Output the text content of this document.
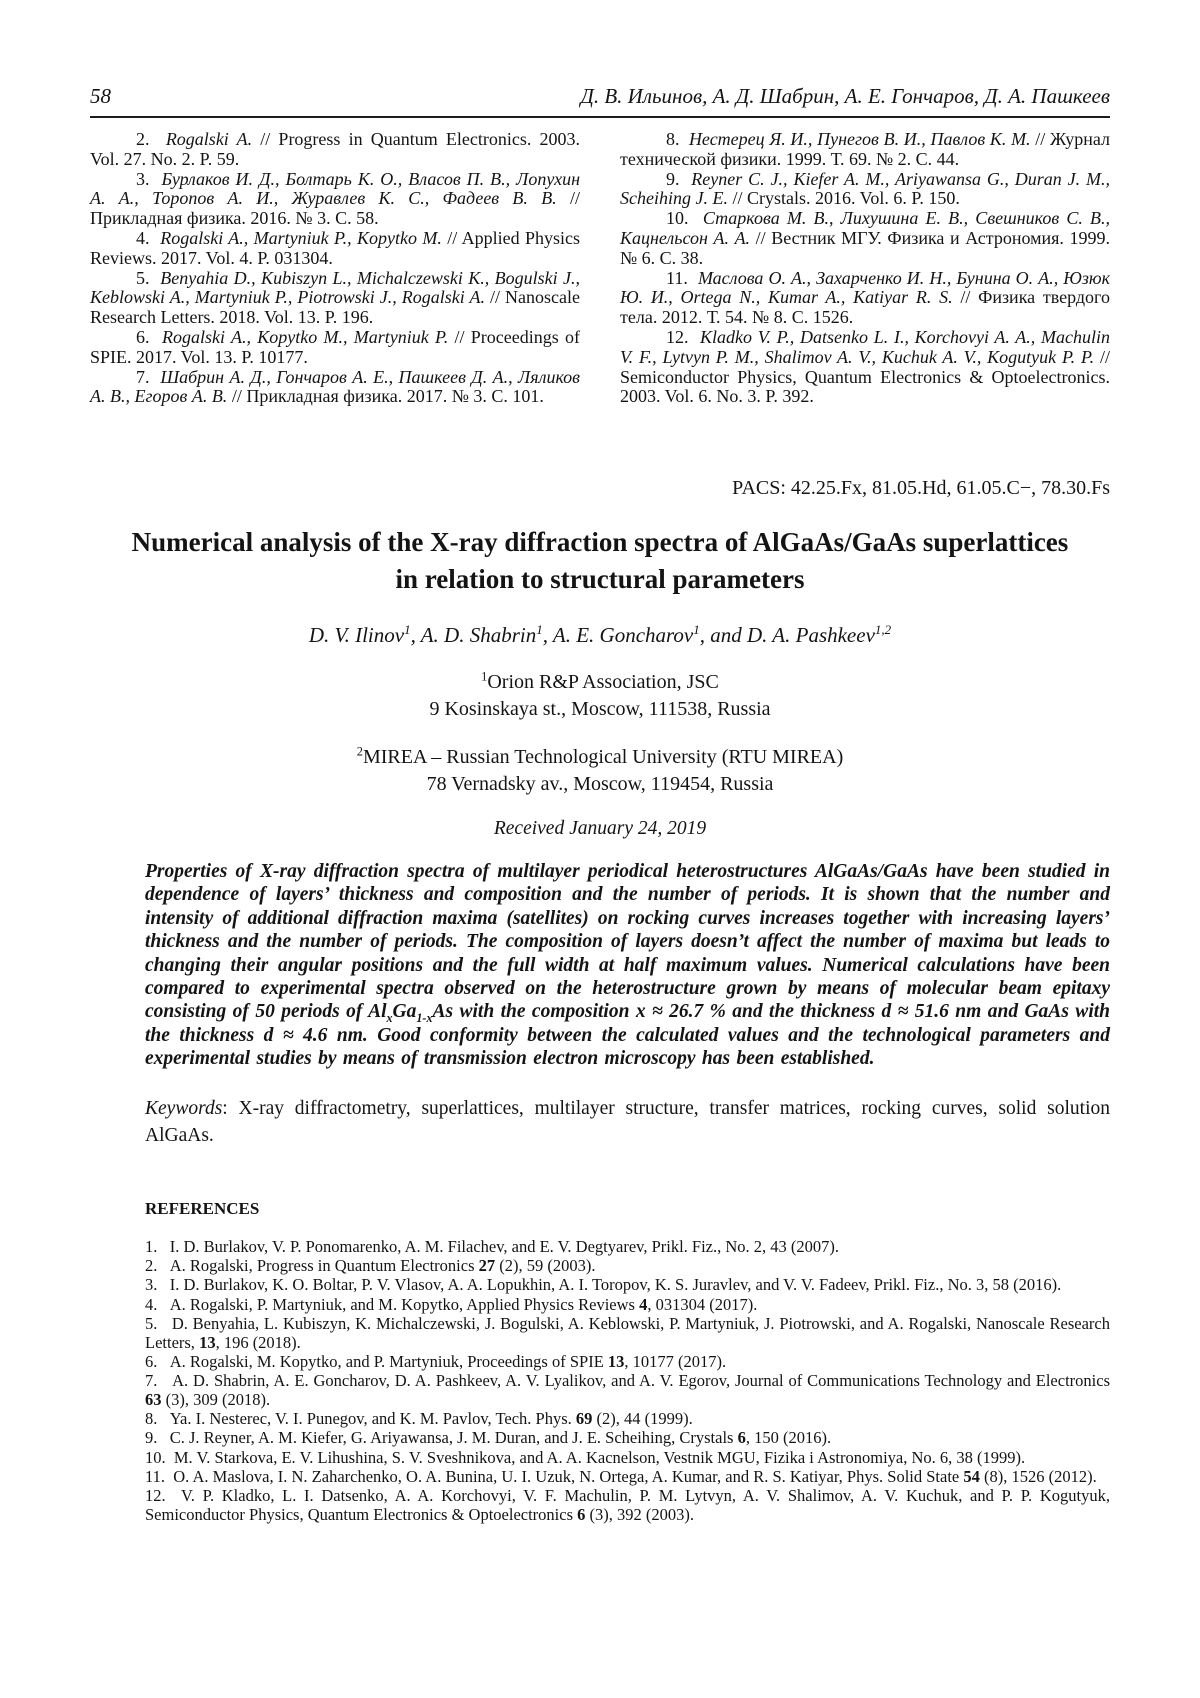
58	Д. В. Ильинов, А. Д. Шабрин, А. Е. Гончаров, Д. А. Пашкеев

2.  Rogalski A. // Progress in Quantum Electronics. 2003. Vol. 27. No. 2. P. 59.

3.  Бурлаков И. Д., Болтарь К. О., Власов П. В., Лопухин А. А., Торопов А. И., Журавлев К. С., Фадеев В. В. // Прикладная физика. 2016. № 3. С. 58.

4.  Rogalski A., Martyniuk P., Kopytko M. // Applied Physics Reviews. 2017. Vol. 4. P. 031304.

5.  Benyahia D., Kubiszyn L., Michalczewski K., Bogulski J., Keblowski A., Martyniuk P., Piotrowski J., Rogalski A. // Nanoscale Research Letters. 2018. Vol. 13. P. 196.

6.  Rogalski A., Kopytko M., Martyniuk P. // Proceedings of SPIE. 2017. Vol. 13. P. 10177.

7.  Шабрин А. Д., Гончаров А. Е., Пашкеев Д. А., Ляликов А. В., Егоров А. В. // Прикладная физика. 2017. № 3. С. 101.

8.  Нестерец Я. И., Пунегов В. И., Павлов К. М. // Журнал технической физики. 1999. Т. 69. № 2. С. 44.

9.  Reyner C. J., Kiefer A. M., Ariyawansa G., Duran J. M., Scheihing J. E. // Crystals. 2016. Vol. 6. P. 150.

10.  Старкова М. В., Лихушина Е. В., Свешников С. В., Кацнельсон А. А. // Вестник МГУ. Физика и Астрономия. 1999. № 6. С. 38.

11.  Маслова О. А., Захарченко И. Н., Бунина О. А., Юзюк Ю. И., Ortega N., Kumar A., Katiyar R. S. // Физика твердого тела. 2012. Т. 54. № 8. С. 1526.

12.  Kladko V. P., Datsenko L. I., Korchovyi A. A., Machulin V. F., Lytvyn P. M., Shalimov A. V., Kuchuk A. V., Kogutyuk P. P. // Semiconductor Physics, Quantum Electronics & Optoelectronics. 2003. Vol. 6. No. 3. P. 392.

PACS: 42.25.Fx, 81.05.Hd, 61.05.C−, 78.30.Fs
Numerical analysis of the X-ray diffraction spectra of AlGaAs/GaAs superlattices
in relation to structural parameters
D. V. Ilinov$^1$, A. D. Shabrin$^1$, A. E. Goncharov$^1$, and D. A. Pashkeev$^{1,2}$
$^1$Orion R&P Association, JSC
9 Kosinskaya st., Moscow, 111538, Russia
$^2$MIREA – Russian Technological University (RTU MIREA)
78 Vernadsky av., Moscow, 119454, Russia
Received January 24, 2019

Properties of X-ray diffraction spectra of multilayer periodical heterostructures AlGaAs/GaAs have been studied in dependence of layers’ thickness and composition and the number of periods. It is shown that the number and intensity of additional diffraction maxima (satellites) on rocking curves increases together with increasing layers’ thickness and the number of periods. The composition of layers doesn’t affect the number of maxima but leads to changing their angular positions and the full width at half maximum values. Numerical calculations have been compared to experimental spectra observed on the heterostructure grown by means of molecular beam epitaxy consisting of 50 periods of $Al_xGa_{1-x}As$ with the composition x ≈ 26.7 % and the thickness d ≈ 51.6 nm and GaAs with the thickness d ≈ 4.6 nm. Good conformity between the calculated values and the technological parameters and experimental studies by means of transmission electron microscopy has been established.

Keywords: X-ray diffractometry, superlattices, multilayer structure, transfer matrices, rocking curves, solid solution AlGaAs.

REFERENCES

1.   I. D. Burlakov, V. P. Ponomarenko, A. M. Filachev, and E. V. Degtyarev, Prikl. Fiz., No. 2, 43 (2007).

2.   A. Rogalski, Progress in Quantum Electronics 27 (2), 59 (2003).

3.   I. D. Burlakov, K. O. Boltar, P. V. Vlasov, A. A. Lopukhin, A. I. Toropov, K. S. Juravlev, and V. V. Fadeev, Prikl. Fiz., No. 3, 58 (2016).

4.   A. Rogalski, P. Martyniuk, and M. Kopytko, Applied Physics Reviews 4, 031304 (2017).

5.   D. Benyahia, L. Kubiszyn, K. Michalczewski, J. Bogulski, A. Keblowski, P. Martyniuk, J. Piotrowski, and A. Rogalski, Nanoscale Research Letters, 13, 196 (2018).

6.   A. Rogalski, M. Kopytko, and P. Martyniuk, Proceedings of SPIE 13, 10177 (2017).

7.   A. D. Shabrin, A. E. Goncharov, D. A. Pashkeev, A. V. Lyalikov, and A. V. Egorov, Journal of Communications Technology and Electronics 63 (3), 309 (2018).

8.   Ya. I. Nesterec, V. I. Punegov, and K. M. Pavlov, Tech. Phys. 69 (2), 44 (1999).

9.   C. J. Reyner, A. M. Kiefer, G. Ariyawansa, J. M. Duran, and J. E. Scheihing, Crystals 6, 150 (2016).

10.  M. V. Starkova, E. V. Lihushina, S. V. Sveshnikova, and A. A. Kacnelson, Vestnik MGU, Fizika i Astronomiya, No. 6, 38 (1999).

11.  O. A. Maslova, I. N. Zaharchenko, O. A. Bunina, U. I. Uzuk, N. Ortega, A. Kumar, and R. S. Katiyar, Phys. Solid State 54 (8), 1526 (2012).

12.  V. P. Kladko, L. I. Datsenko, A. A. Korchovyi, V. F. Machulin, P. M. Lytvyn, A. V. Shalimov, A. V. Kuchuk, and P. P. Kogutyuk, Semiconductor Physics, Quantum Electronics & Optoelectronics 6 (3), 392 (2003).
